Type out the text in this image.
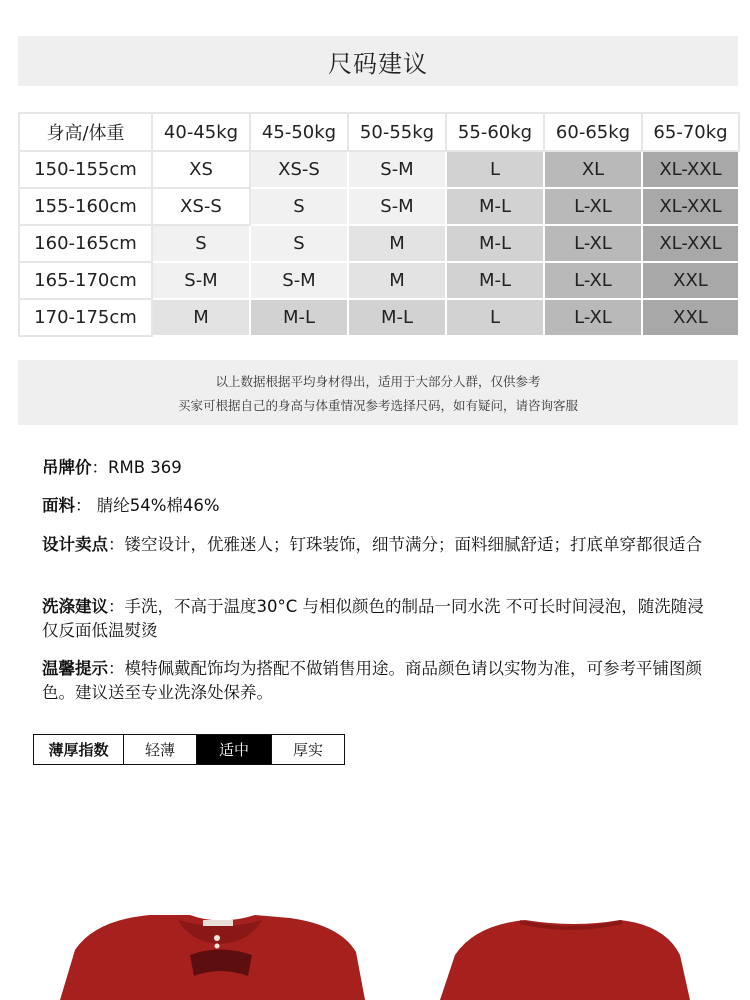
尺码建议
身高/体重	40-45kg	45-50kg	50-55kg	55-60kg	60-65kg	65-70kg
150-155cm	XS	XS-S	S-M	L	XL	XL-XXL
155-160cm	XS-S	S	S-M	M-L	L-XL	XL-XXL
160-165cm	S	S	M	M-L	L-XL	XL-XXL
165-170cm	S-M	S-M	M	M-L	L-XL	XXL
170-175cm	M	M-L	M-L	L	L-XL	XXL
以上数据根据平均身材得出，适用于大部分人群，仅供参考
买家可根据自己的身高与体重情况参考选择尺码，如有疑问，请咨询客服
吊牌价：RMB 369
面料： 腈纶54%棉46%
设计卖点：镂空设计，优雅迷人；钉珠装饰，细节满分；面料细腻舒适；打底单穿都很适合
洗涤建议：手洗，不高于温度30°C 与相似颜色的制品一同水洗 不可长时间浸泡，随洗随浸 仅反面低温熨烫
温馨提示：模特佩戴配饰均为搭配不做销售用途。商品颜色请以实物为准，可参考平铺图颜色。建议送至专业洗涤处保养。
薄厚指数	轻薄	适中	厚实
